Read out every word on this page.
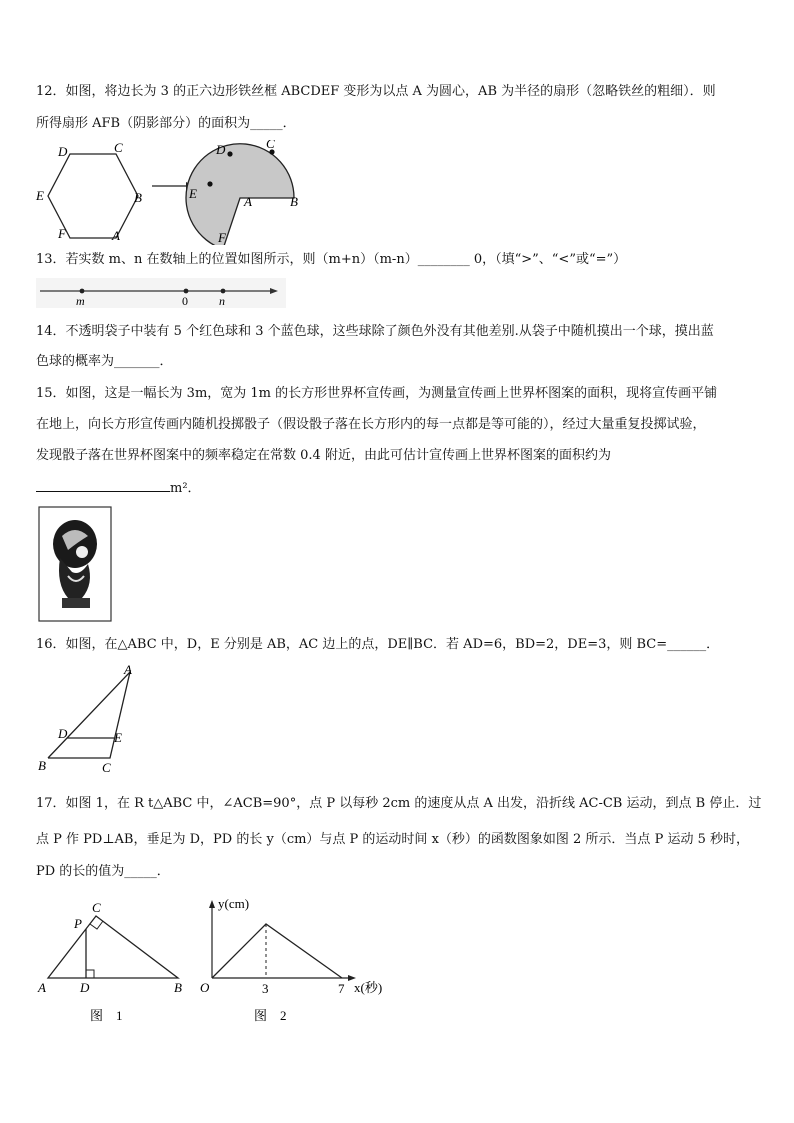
12．如图，将边长为 3 的正六边形铁丝框 ABCDEF 变形为以点 A 为圆心，AB 为半径的扇形（忽略铁丝的粗细）．则
所得扇形 AFB（阴影部分）的面积为_____．
D	C
E	B
F	A
D	C
E
A	B
F
13．若实数 m、n 在数轴上的位置如图所示，则（m+n）（m-n）________ 0，（填“>”、“<”或“=”）
m	0	n
14．不透明袋子中装有 5 个红色球和 3 个蓝色球，这些球除了颜色外没有其他差别.从袋子中随机摸出一个球，摸出蓝
色球的概率为_______．
15．如图，这是一幅长为 3m，宽为 1m 的长方形世界杯宣传画，为测量宣传画上世界杯图案的面积，现将宣传画平铺
在地上，向长方形宣传画内随机投掷骰子（假设骰子落在长方形内的每一点都是等可能的），经过大量重复投掷试验，
发现骰子落在世界杯图案中的频率稳定在常数 0.4 附近，由此可估计宣传画上世界杯图案的面积约为
m²．
16．如图，在△ABC 中，D，E 分别是 AB，AC 边上的点，DE∥BC．若 AD=6，BD=2，DE=3，则 BC=______．
A
D	E
B	C
17．如图 1，在 R t△ABC 中，∠ACB=90°，点 P 以每秒 2cm 的速度从点 A 出发，沿折线 AC-CB 运动，到点 B 停止．过
点 P 作 PD⊥AB，垂足为 D，PD 的长 y（cm）与点 P 的运动时间 x（秒）的函数图象如图 2 所示．当点 P 运动 5 秒时，
PD 的长的值为_____．
C
P
A	D	B
图　1
y(cm)
O	3	7 x(秒)
图　2
